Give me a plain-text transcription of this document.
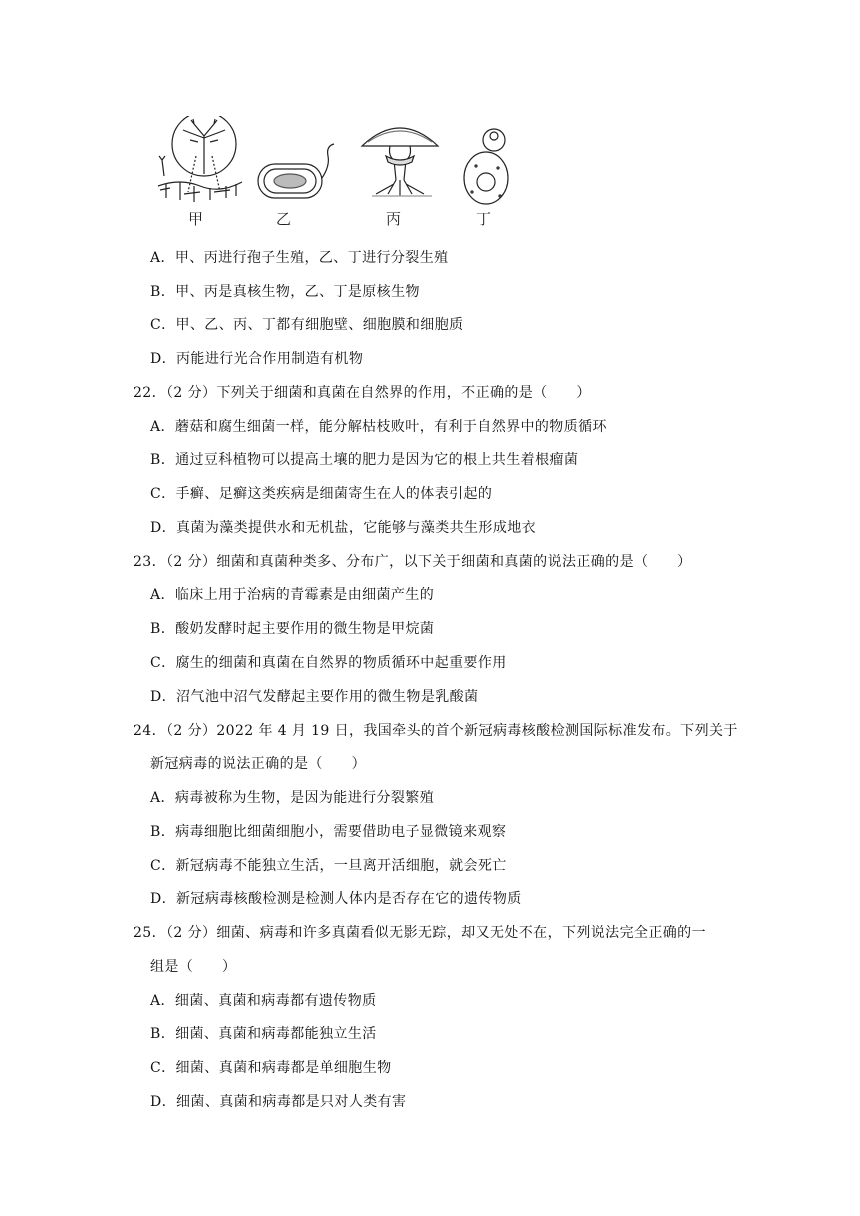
甲	乙	丙	丁
A．甲、丙进行孢子生殖，乙、丁进行分裂生殖
B．甲、丙是真核生物，乙、丁是原核生物
C．甲、乙、丙、丁都有细胞壁、细胞膜和细胞质
D．丙能进行光合作用制造有机物
22．（2 分）下列关于细菌和真菌在自然界的作用，不正确的是（　　）
A．蘑菇和腐生细菌一样，能分解枯枝败叶，有利于自然界中的物质循环
B．通过豆科植物可以提高土壤的肥力是因为它的根上共生着根瘤菌
C．手癣、足癣这类疾病是细菌寄生在人的体表引起的
D．真菌为藻类提供水和无机盐，它能够与藻类共生形成地衣
23．（2 分）细菌和真菌种类多、分布广，以下关于细菌和真菌的说法正确的是（　　）
A．临床上用于治病的青霉素是由细菌产生的
B．酸奶发酵时起主要作用的微生物是甲烷菌
C．腐生的细菌和真菌在自然界的物质循环中起重要作用
D．沼气池中沼气发酵起主要作用的微生物是乳酸菌
24．（2 分）2022 年 4 月 19 日，我国牵头的首个新冠病毒核酸检测国际标准发布。下列关于
新冠病毒的说法正确的是（　　）
A．病毒被称为生物，是因为能进行分裂繁殖
B．病毒细胞比细菌细胞小，需要借助电子显微镜来观察
C．新冠病毒不能独立生活，一旦离开活细胞，就会死亡
D．新冠病毒核酸检测是检测人体内是否存在它的遗传物质
25．（2 分）细菌、病毒和许多真菌看似无影无踪，却又无处不在，下列说法完全正确的一
组是（　　）
A．细菌、真菌和病毒都有遗传物质
B．细菌、真菌和病毒都能独立生活
C．细菌、真菌和病毒都是单细胞生物
D．细菌、真菌和病毒都是只对人类有害
